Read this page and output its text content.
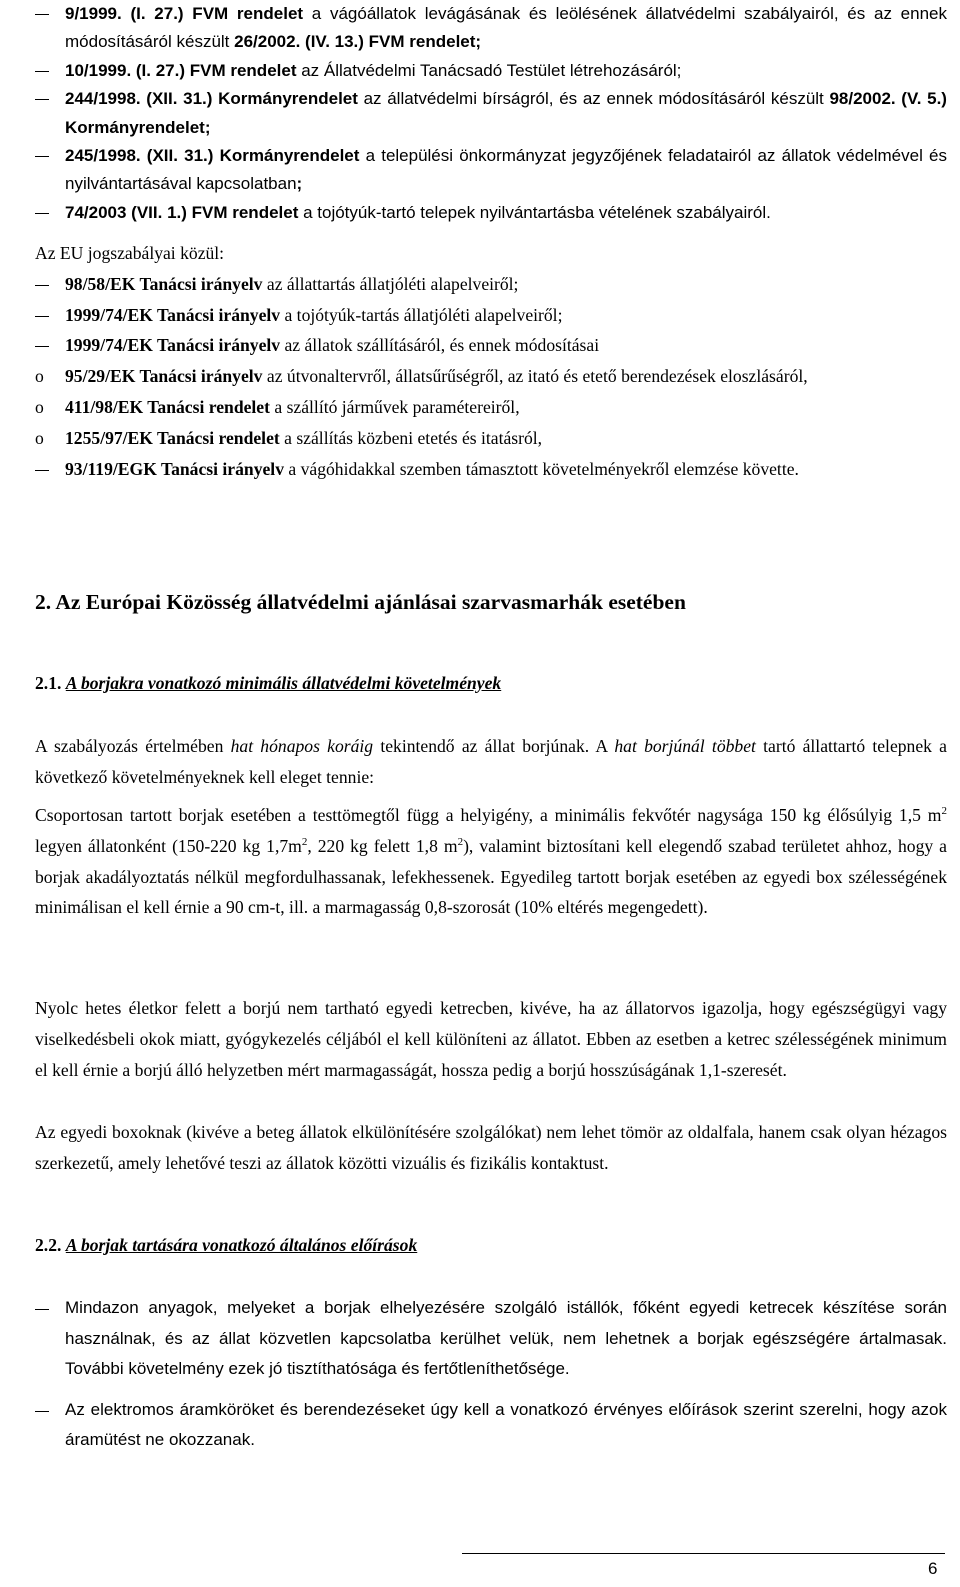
9/1999. (I. 27.) FVM rendelet a vágóállatok levágásának és leölésének állatvédelmi szabályairól, és az ennek módosításáról készült 26/2002. (IV. 13.) FVM rendelet;
10/1999. (I. 27.) FVM rendelet az Állatvédelmi Tanácsadó Testület létrehozásáról;
244/1998. (XII. 31.) Kormányrendelet az állatvédelmi bírságról, és az ennek módosításáról készült 98/2002. (V. 5.) Kormányrendelet;
245/1998. (XII. 31.) Kormányrendelet a települési önkormányzat jegyzőjének feladatairól az állatok védelmével és nyilvántartásával kapcsolatban;
74/2003 (VII. 1.) FVM rendelet a tojótyúk-tartó telepek nyilvántartásba vételének szabályairól.

Az EU jogszabályai közül:

98/58/EK Tanácsi irányelv az állattartás állatjóléti alapelveiről;
1999/74/EK Tanácsi irányelv a tojótyúk-tartás állatjóléti alapelveiről;
1999/74/EK Tanácsi irányelv az állatok szállításáról, és ennek módosításai
o 95/29/EK Tanácsi irányelv az útvonaltervről, állatsűrűségről, az itató és etető berendezések eloszlásáról,
o 411/98/EK Tanácsi rendelet a szállító járművek paramétereiről,
o 1255/97/EK Tanácsi rendelet a szállítás közbeni etetés és itatásról,
93/119/EGK Tanácsi irányelv a vágóhidakkal szemben támasztott követelményekről elemzése követte.
2. Az Európai Közösség állatvédelmi ajánlásai szarvasmarhák esetében
2.1. A borjakra vonatkozó minimális állatvédelmi követelmények
A szabályozás értelmében hat hónapos koráig tekintendő az állat borjúnak. A hat borjúnál többet tartó állattartó telepnek a következő követelményeknek kell eleget tennie:
Csoportosan tartott borjak esetében a testtömegtől függ a helyigény, a minimális fekvőtér nagysága 150 kg élősúlyig 1,5 $m^2$ legyen állatonként (150-220 kg $1,7m^2$, 220 kg felett 1,8 $m^2$), valamint biztosítani kell elegendő szabad területet ahhoz, hogy a borjak akadályoztatás nélkül megfordulhassanak, lefekhessenek. Egyedileg tartott borjak esetében az egyedi box szélességének minimálisan el kell érnie a 90 cm-t, ill. a marmagasság 0,8-szorosát (10% eltérés megengedett).
Nyolc hetes életkor felett a borjú nem tartható egyedi ketrecben, kivéve, ha az állatorvos igazolja, hogy egészségügyi vagy viselkedésbeli okok miatt, gyógykezelés céljából el kell különíteni az állatot. Ebben az esetben a ketrec szélességének minimum el kell érnie a borjú álló helyzetben mért marmagasságát, hossza pedig a borjú hosszúságának 1,1-szeresét.
Az egyedi boxoknak (kivéve a beteg állatok elkülönítésére szolgálókat) nem lehet tömör az oldalfala, hanem csak olyan hézagos szerkezetű, amely lehetővé teszi az állatok közötti vizuális és fizikális kontaktust.
2.2. A borjak tartására vonatkozó általános előírások
Mindazon anyagok, melyeket a borjak elhelyezésére szolgáló istállók, főként egyedi ketrecek készítése során használnak, és az állat közvetlen kapcsolatba kerülhet velük, nem lehetnek a borjak egészségére ártalmasak. További követelmény ezek jó tisztíthatósága és fertőtleníthetősége.
Az elektromos áramköröket és berendezéseket úgy kell a vonatkozó érvényes előírások szerint szerelni, hogy azok áramütést ne okozzanak.
6
